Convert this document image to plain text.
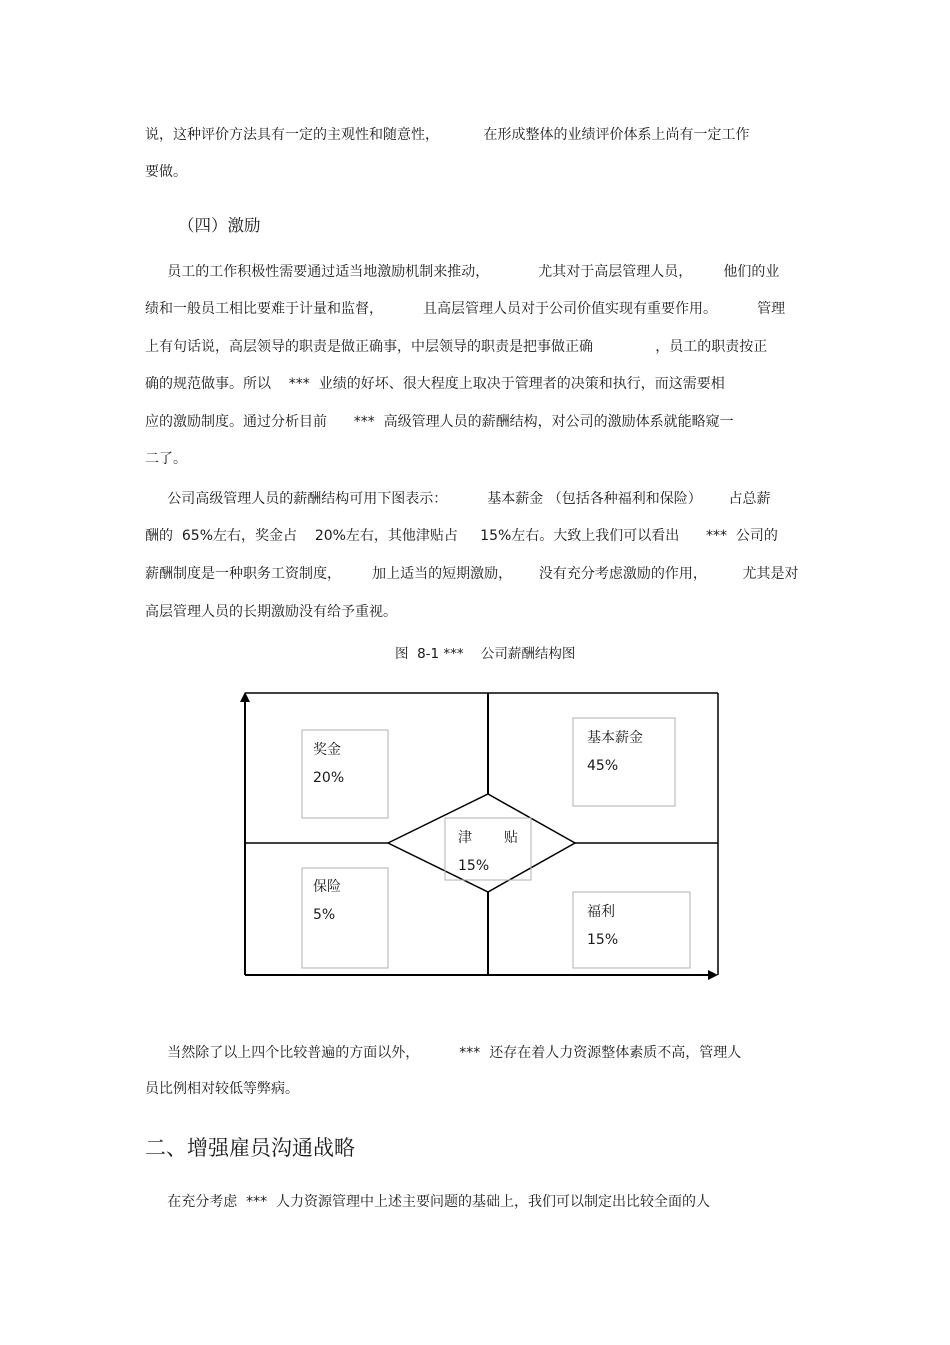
说，这种评价方法具有一定的主观性和随意性，          在形成整体的业绩评价体系上尚有一定工作
要做。
（四）激励
员工的工作积极性需要通过适当地激励机制来推动，           尤其对于高层管理人员，       他们的业
绩和一般员工相比要难于计量和监督，         且高层管理人员对于公司价值实现有重要作用。         管理
上有句话说，高层领导的职责是做正确事，中层领导的职责是把事做正确              ，员工的职责按正
确的规范做事。所以    ***  业绩的好坏、很大程度上取决于管理者的决策和执行，而这需要相
应的激励制度。通过分析目前      ***  高级管理人员的薪酬结构，对公司的激励体系就能略窥一
二了。
公司高级管理人员的薪酬结构可用下图表示：         基本薪金 （包括各种福利和保险）      占总薪
酬的  65%左右，奖金占    20%左右，其他津贴占     15%左右。大致上我们可以看出      ***  公司的
薪酬制度是一种职务工资制度，       加上适当的短期激励，      没有充分考虑激励的作用，        尤其是对
高层管理人员的长期激励没有给予重视。
图  8-1 ***    公司薪酬结构图
奖金
20%
基本薪金
45%
津 贴
15%
保险
5%	福利
15%
当然除了以上四个比较普遍的方面以外，         ***  还存在着人力资源整体素质不高，管理人
员比例相对较低等弊病。
二、增强雇员沟通战略
在充分考虑  ***  人力资源管理中上述主要问题的基础上，我们可以制定出比较全面的人
